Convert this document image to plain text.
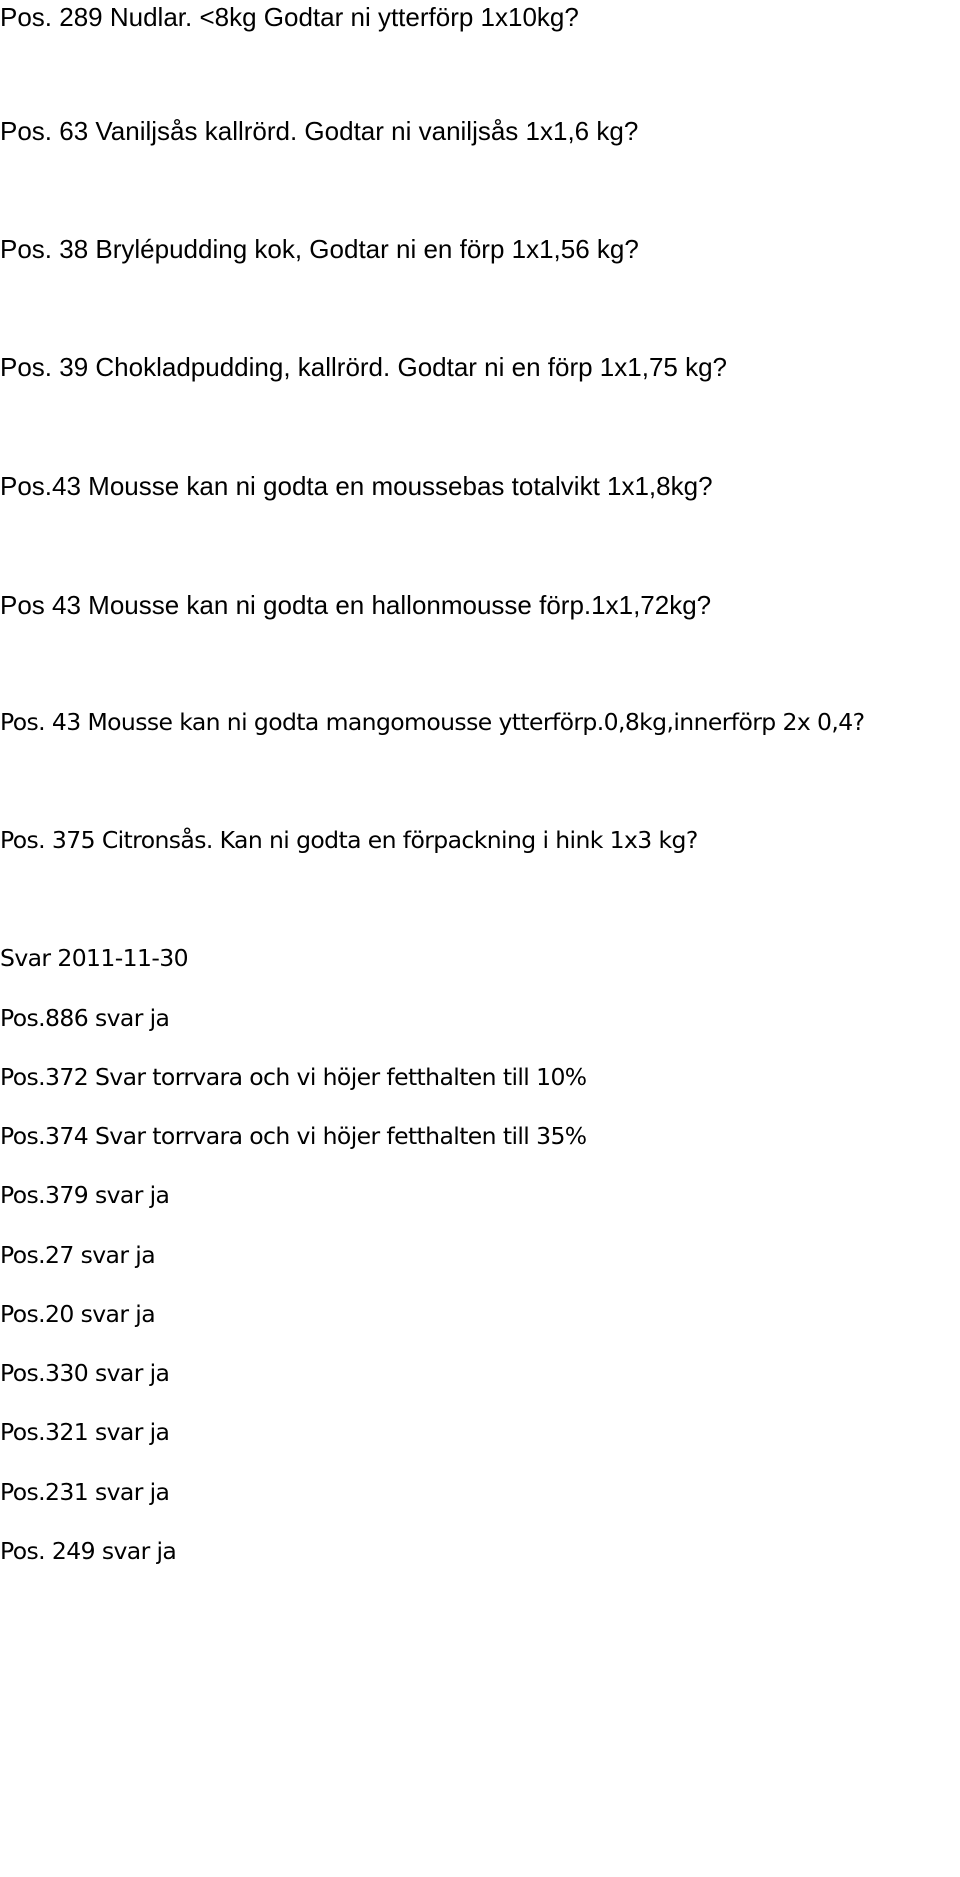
Pos. 289 Nudlar. <8kg Godtar ni ytterförp 1x10kg?
Pos. 63 Vaniljsås kallrörd. Godtar ni vaniljsås 1x1,6 kg?
Pos. 38 Brylépudding kok, Godtar ni en förp 1x1,56 kg?
Pos. 39 Chokladpudding, kallrörd. Godtar ni en förp 1x1,75 kg?
Pos.43 Mousse kan ni godta en moussebas totalvikt 1x1,8kg?
Pos 43 Mousse kan ni godta en hallonmousse förp.1x1,72kg?
Pos. 43 Mousse kan ni godta mangomousse ytterförp.0,8kg,innerförp 2x 0,4?
Pos. 375 Citronsås. Kan ni godta en förpackning i hink 1x3 kg?
Svar 2011-11-30
Pos.886 svar ja
Pos.372 Svar torrvara och vi höjer fetthalten till 10%
Pos.374 Svar torrvara och vi höjer fetthalten till 35%
Pos.379 svar ja
Pos.27 svar ja
Pos.20 svar ja
Pos.330 svar ja
Pos.321 svar ja
Pos.231 svar ja
Pos. 249 svar ja
